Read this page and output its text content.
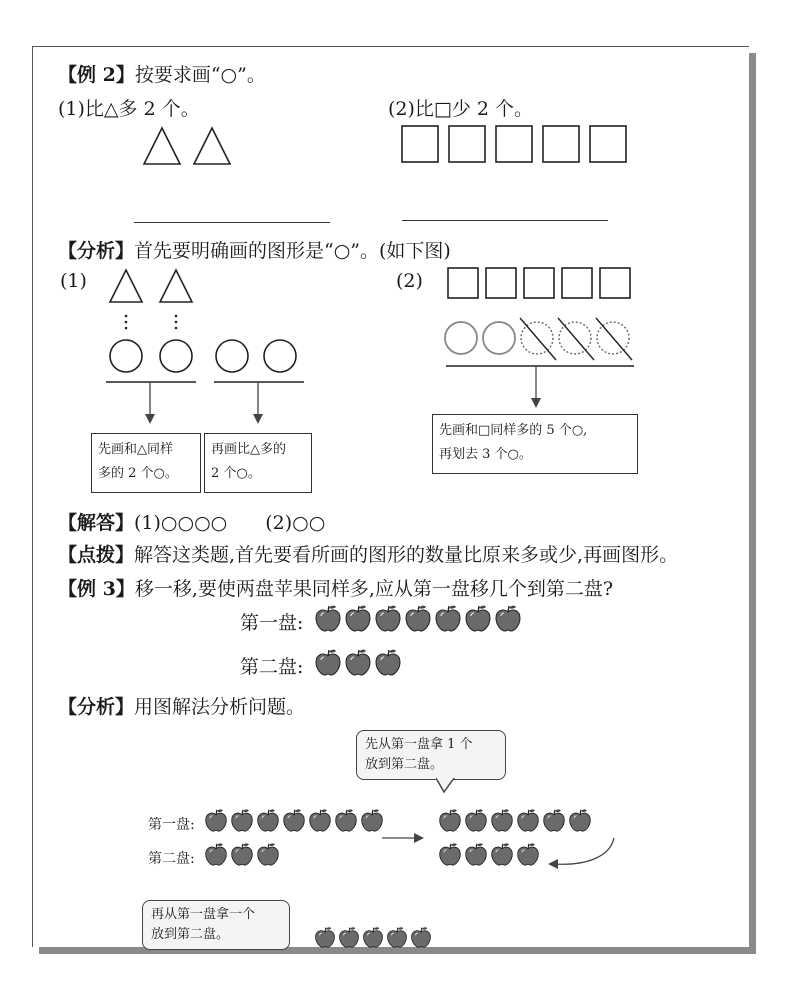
【例 2】按要求画“○”。
(1)比△多 2 个。	(2)比□少 2 个。
【分析】首先要明确画的图形是“○”。(如下图)
(1)	(2)
先画和△同样
多的 2 个○。
再画比△多的
2 个○。
先画和□同样多的 5 个○,
再划去 3 个○。
【解答】(1)○○○○　　(2)○○
【点拨】解答这类题,首先要看所画的图形的数量比原来多或少,再画图形。
【例 3】移一移,要使两盘苹果同样多,应从第一盘移几个到第二盘?
第一盘:
第二盘:
【分析】用图解法分析问题。
先从第一盘拿 1 个
放到第二盘。
第一盘:
第二盘:
再从第一盘拿一个
放到第二盘。
